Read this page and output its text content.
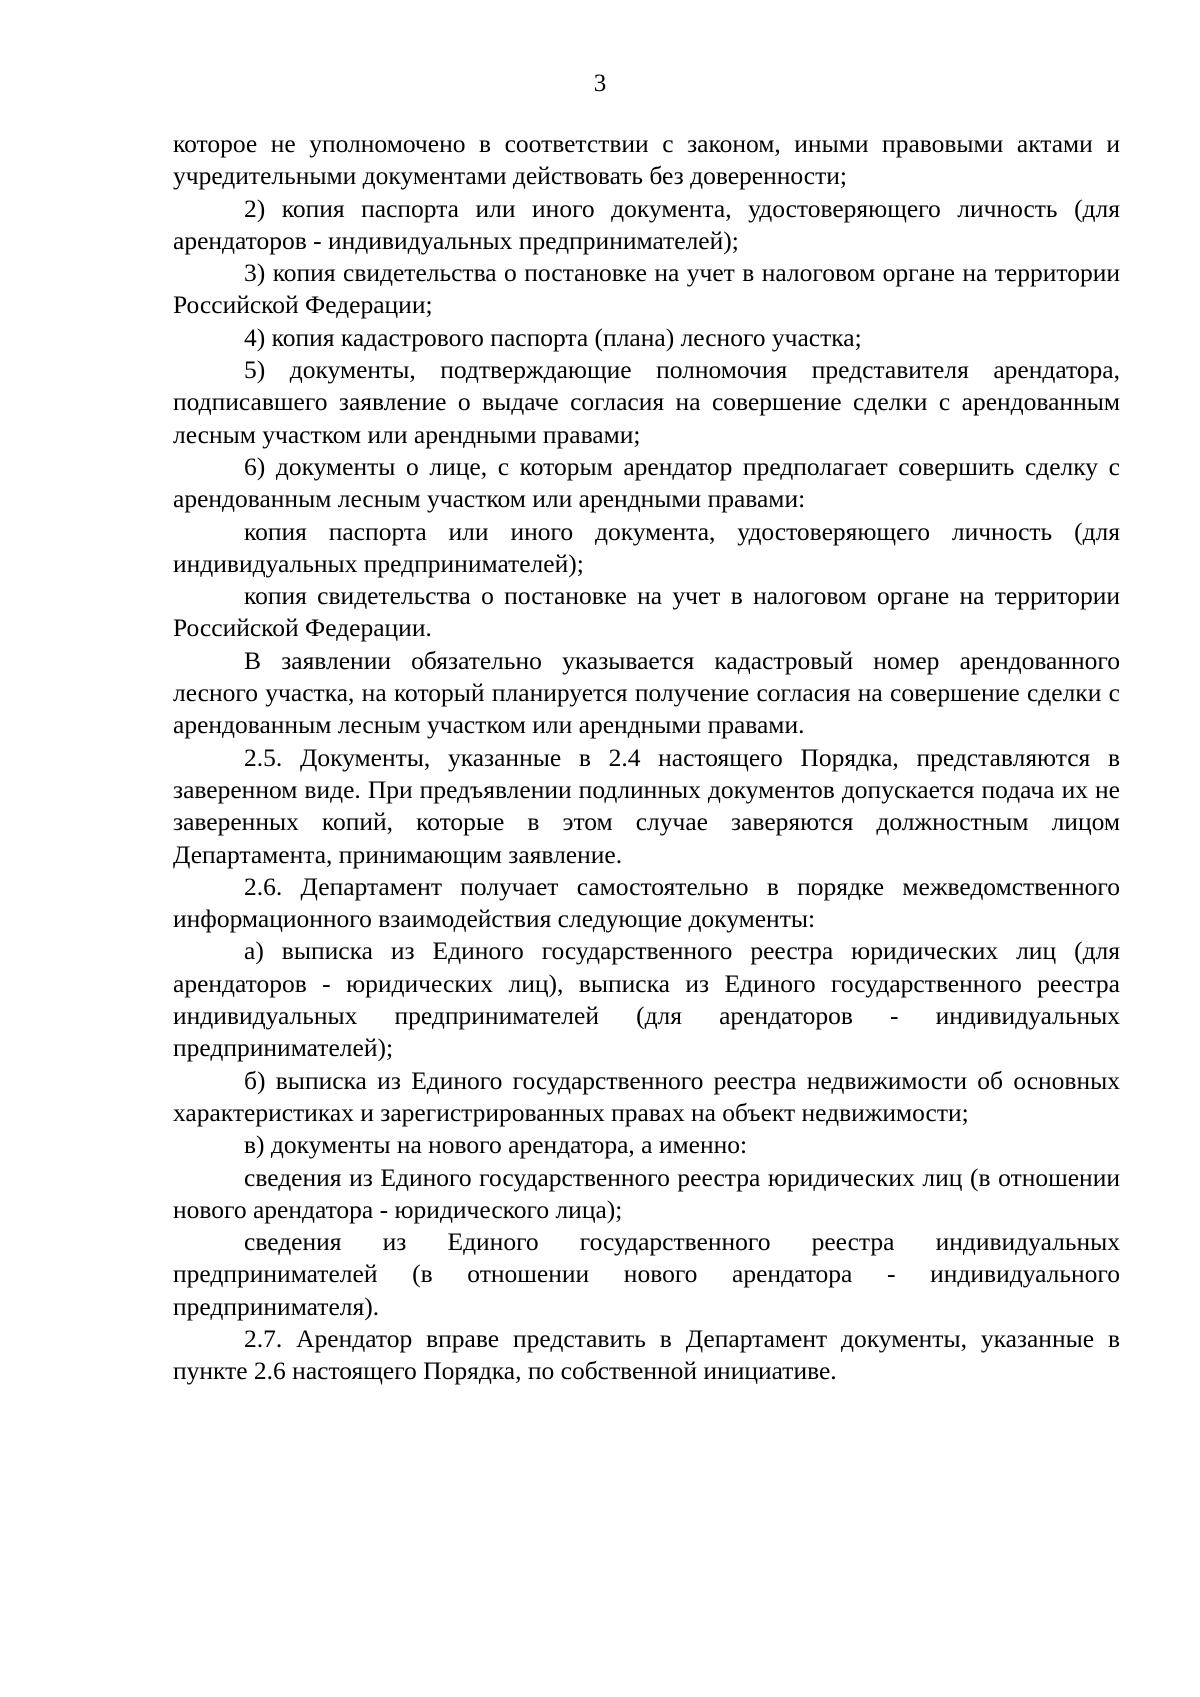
3

которое не уполномочено в соответствии с законом, иными правовыми актами и учредительными документами действовать без доверенности;

2) копия паспорта или иного документа, удостоверяющего личность (для арендаторов - индивидуальных предпринимателей);

3) копия свидетельства о постановке на учет в налоговом органе на территории Российской Федерации;

4) копия кадастрового паспорта (плана) лесного участка;

5) документы, подтверждающие полномочия представителя арендатора, подписавшего заявление о выдаче согласия на совершение сделки с арендованным лесным участком или арендными правами;

6) документы о лице, с которым арендатор предполагает совершить сделку с арендованным лесным участком или арендными правами:

копия паспорта или иного документа, удостоверяющего личность (для индивидуальных предпринимателей);

копия свидетельства о постановке на учет в налоговом органе на территории Российской Федерации.

В заявлении обязательно указывается кадастровый номер арендованного лесного участка, на который планируется получение согласия на совершение сделки с арендованным лесным участком или арендными правами.

2.5. Документы, указанные в 2.4 настоящего Порядка, представляются в заверенном виде. При предъявлении подлинных документов допускается подача их не заверенных копий, которые в этом случае заверяются должностным лицом Департамента, принимающим заявление.

2.6. Департамент получает самостоятельно в порядке межведомственного информационного взаимодействия следующие документы:

а) выписка из Единого государственного реестра юридических лиц (для арендаторов - юридических лиц), выписка из Единого государственного реестра индивидуальных предпринимателей (для арендаторов - индивидуальных предпринимателей);

б) выписка из Единого государственного реестра недвижимости об основных характеристиках и зарегистрированных правах на объект недвижимости;

в) документы на нового арендатора, а именно:

сведения из Единого государственного реестра юридических лиц (в отношении нового арендатора - юридического лица);

сведения из Единого государственного реестра индивидуальных предпринимателей (в отношении нового арендатора - индивидуального предпринимателя).

2.7. Арендатор вправе представить в Департамент документы, указанные в пункте 2.6 настоящего Порядка, по собственной инициативе.
